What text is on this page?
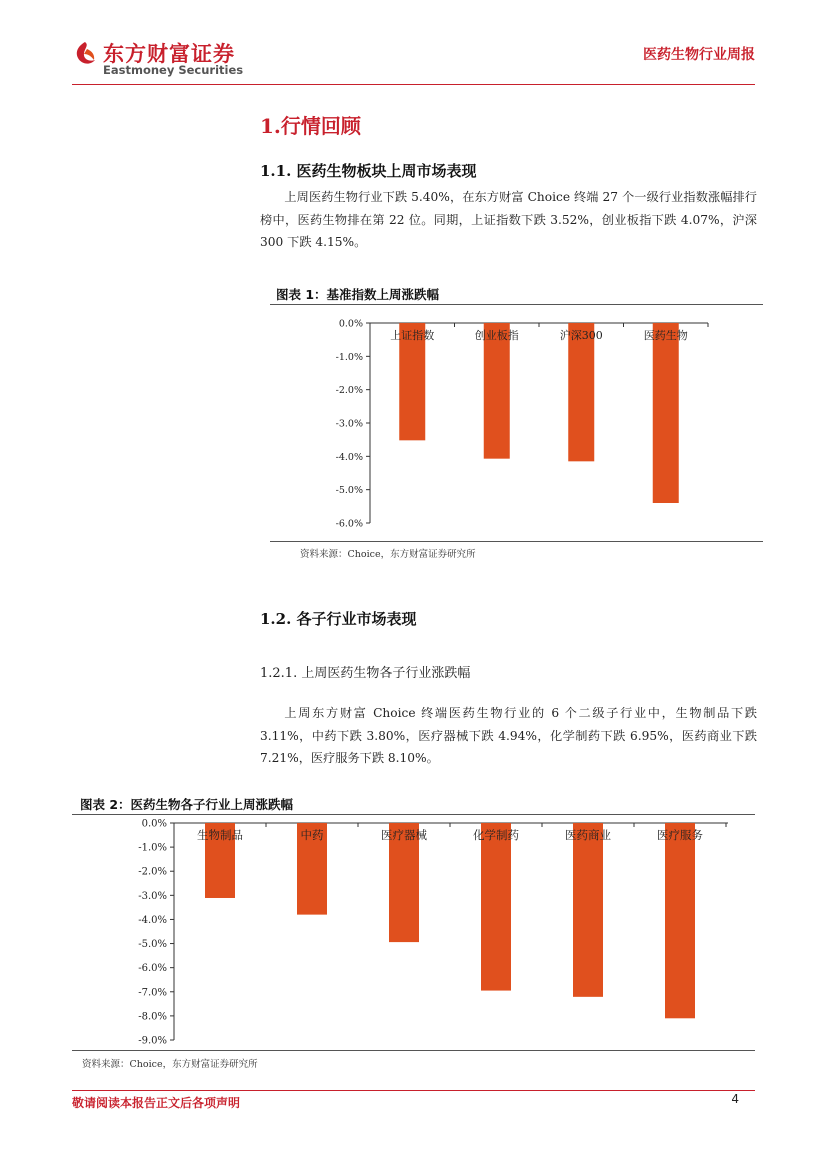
东方财富证券
Eastmoney Securities
医药生物行业周报
1.行情回顾
1.1. 医药生物板块上周市场表现
上周医药生物行业下跌 5.40%，在东方财富 Choice 终端 27 个一级行业指数涨幅排行榜中，医药生物排在第 22 位。同期，上证指数下跌 3.52%，创业板指下跌 4.07%，沪深 300 下跌 4.15%。
图表 1：基准指数上周涨跌幅
0.0%
-1.0%
-2.0%
-3.0%
-4.0%
-5.0%
-6.0%
上证指数	创业板指	沪深300	医药生物
资料来源：Choice，东方财富证券研究所
1.2. 各子行业市场表现
1.2.1. 上周医药生物各子行业涨跌幅
上周东方财富 Choice 终端医药生物行业的 6 个二级子行业中，生物制品下跌 3.11%，中药下跌 3.80%，医疗器械下跌 4.94%，化学制药下跌 6.95%，医药商业下跌 7.21%，医疗服务下跌 8.10%。
图表 2：医药生物各子行业上周涨跌幅
0.0%
-1.0%
-2.0%
-3.0%
-4.0%
-5.0%
-6.0%
-7.0%
-8.0%
-9.0%
生物制品	中药	医疗器械	化学制药	医药商业	医疗服务
资料来源：Choice，东方财富证券研究所
敬请阅读本报告正文后各项声明	4
